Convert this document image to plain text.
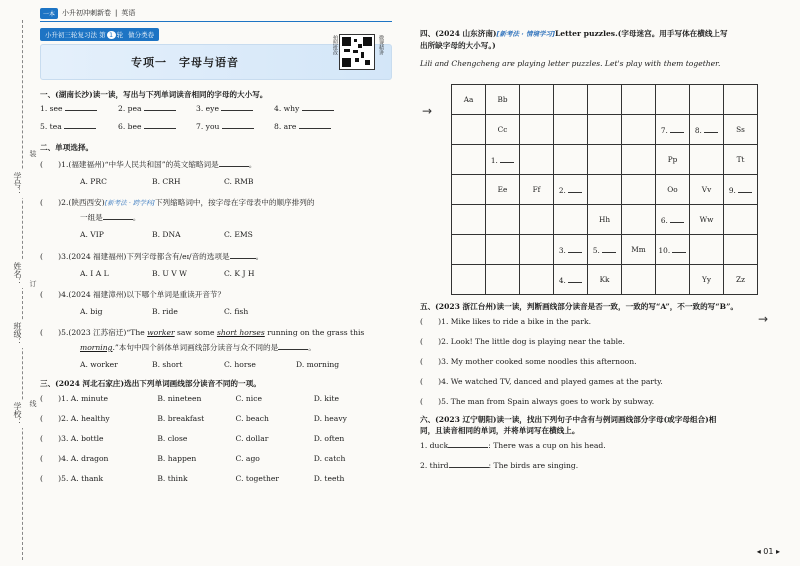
学校：
班级：
姓名：
学号：
装
订
线
一本	小升初冲刺新卷 | 英语
小升初三轮复习法 第 1 轮 做分类卷
专项一　字母与语音
拍照批改	微课精讲
一、(湖南长沙)读一读，写出与下列单词读音相同的字母的大小写。
1. see	2. pea	3. eye	4. why
5. tea	6. bee	7. you	8. are
二、单项选择。
(　　)1.(福建福州)“中华人民共和国”的英文缩略词是	。
A. PRC	B. CRH	C. RMB
(　　)2.(陕西西安)[新考法 · 跨学科]下列缩略词中，按字母在字母表中的顺序排列的
一组是	。
A. VIP	B. DNA	C. EMS
(　　)3.(2024 福建福州)下列字母都含有/eɪ/音的选项是	。
A. I A L	B. U V W	C. K J H
(　　)4.(2024 福建漳州)以下哪个单词是重读开音节？
A. big	B. ride	C. fish
(　　)5.(2023 江苏宿迁)“The worker saw some short horses running on the grass this
morning.”本句中四个斜体单词画线部分读音与众不同的是	。
A. worker	B. short	C. horse	D. morning
三、(2024 河北石家庄)选出下列单词画线部分读音不同的一项。
(　　)1. A. minute	B. nineteen	C. nice	D. kite
(　　)2. A. healthy	B. breakfast	C. beach	D. heavy
(　　)3. A. bottle	B. close	C. dollar	D. often
(　　)4. A. dragon	B. happen	C. ago	D. catch
(　　)5. A. thank	B. think	C. together	D. teeth
四、(2024 山东济南)[新考法 · 情境学习]Letter puzzles.(字母迷宫。用手写体在横线上写
出所缺字母的大小写。)
Lili and Chengcheng are playing letter puzzles. Let's play with them together.
→
→
Aa	Bb							
	Cc					7.	8.	Ss
	1.					Pp		Tt
	Ee	Ff	2.			Oo	Vv	9.
				Hh		6.	Ww	
			3.	5.	Mm	10.		
			4.	Kk			Yy	Zz
五、(2023 浙江台州)读一读，判断画线部分读音是否一致，一致的写“A”，不一致的写“B”。
(　　)1. Mike likes to ride a bike in the park.
(　　)2. Look! The little dog is playing near the table.
(　　)3. My mother cooked some noodles this afternoon.
(　　)4. We watched TV, danced and played games at the party.
(　　)5. The man from Spain always goes to work by subway.
六、(2023 辽宁朝阳)读一读，找出下列句子中含有与例词画线部分字母(或字母组合)相
同，且读音相同的单词，并将单词写在横线上。
1. duck	: There was a cup on his head.
2. third	: The birds are singing.
◂ 01 ▸
